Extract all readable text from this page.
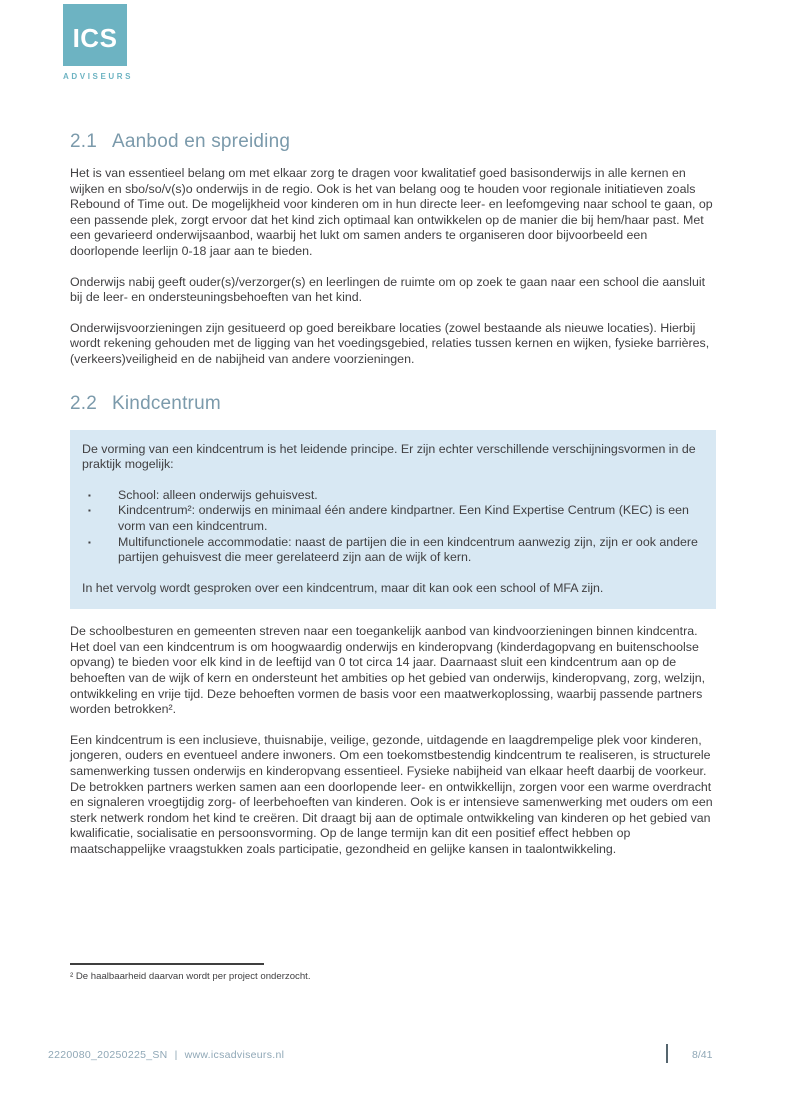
ICS
ADVISEURS
2.1 Aanbod en spreiding

Het is van essentieel belang om met elkaar zorg te dragen voor kwalitatief goed basisonderwijs in alle kernen en wijken en sbo/so/v(s)o onderwijs in de regio. Ook is het van belang oog te houden voor regionale initiatieven zoals Rebound of Time out. De mogelijkheid voor kinderen om in hun directe leer- en leefomgeving naar school te gaan, op een passende plek, zorgt ervoor dat het kind zich optimaal kan ontwikkelen op de manier die bij hem/haar past. Met een gevarieerd onderwijsaanbod, waarbij het lukt om samen anders te organiseren door bijvoorbeeld een doorlopende leerlijn 0-18 jaar aan te bieden.

Onderwijs nabij geeft ouder(s)/verzorger(s) en leerlingen de ruimte om op zoek te gaan naar een school die aansluit bij de leer- en ondersteuningsbehoeften van het kind.

Onderwijsvoorzieningen zijn gesitueerd op goed bereikbare locaties (zowel bestaande als nieuwe locaties). Hierbij wordt rekening gehouden met de ligging van het voedingsgebied, relaties tussen kernen en wijken, fysieke barrières, (verkeers)veiligheid en de nabijheid van andere voorzieningen.

2.2 Kindcentrum

De vorming van een kindcentrum is het leidende principe. Er zijn echter verschillende verschijningsvormen in de praktijk mogelijk:

▪	School: alleen onderwijs gehuisvest.
▪	Kindcentrum²: onderwijs en minimaal één andere kindpartner. Een Kind Expertise Centrum (KEC) is een vorm van een kindcentrum.
▪	Multifunctionele accommodatie: naast de partijen die in een kindcentrum aanwezig zijn, zijn er ook andere partijen gehuisvest die meer gerelateerd zijn aan de wijk of kern.

In het vervolg wordt gesproken over een kindcentrum, maar dit kan ook een school of MFA zijn.

De schoolbesturen en gemeenten streven naar een toegankelijk aanbod van kindvoorzieningen binnen kindcentra. Het doel van een kindcentrum is om hoogwaardig onderwijs en kinderopvang (kinderdagopvang en buitenschoolse opvang) te bieden voor elk kind in de leeftijd van 0 tot circa 14 jaar. Daarnaast sluit een kindcentrum aan op de behoeften van de wijk of kern en ondersteunt het ambities op het gebied van onderwijs, kinderopvang, zorg, welzijn, ontwikkeling en vrije tijd. Deze behoeften vormen de basis voor een maatwerkoplossing, waarbij passende partners worden betrokken².

Een kindcentrum is een inclusieve, thuisnabije, veilige, gezonde, uitdagende en laagdrempelige plek voor kinderen, jongeren, ouders en eventueel andere inwoners. Om een toekomstbestendig kindcentrum te realiseren, is structurele samenwerking tussen onderwijs en kinderopvang essentieel. Fysieke nabijheid van elkaar heeft daarbij de voorkeur. De betrokken partners werken samen aan een doorlopende leer- en ontwikkellijn, zorgen voor een warme overdracht en signaleren vroegtijdig zorg- of leerbehoeften van kinderen. Ook is er intensieve samenwerking met ouders om een sterk netwerk rondom het kind te creëren. Dit draagt bij aan de optimale ontwikkeling van kinderen op het gebied van kwalificatie, socialisatie en persoonsvorming. Op de lange termijn kan dit een positief effect hebben op maatschappelijke vraagstukken zoals participatie, gezondheid en gelijke kansen in taalontwikkeling.

² De haalbaarheid daarvan wordt per project onderzocht.

2220080_20250225_SN | www.icsadviseurs.nl	8/41
